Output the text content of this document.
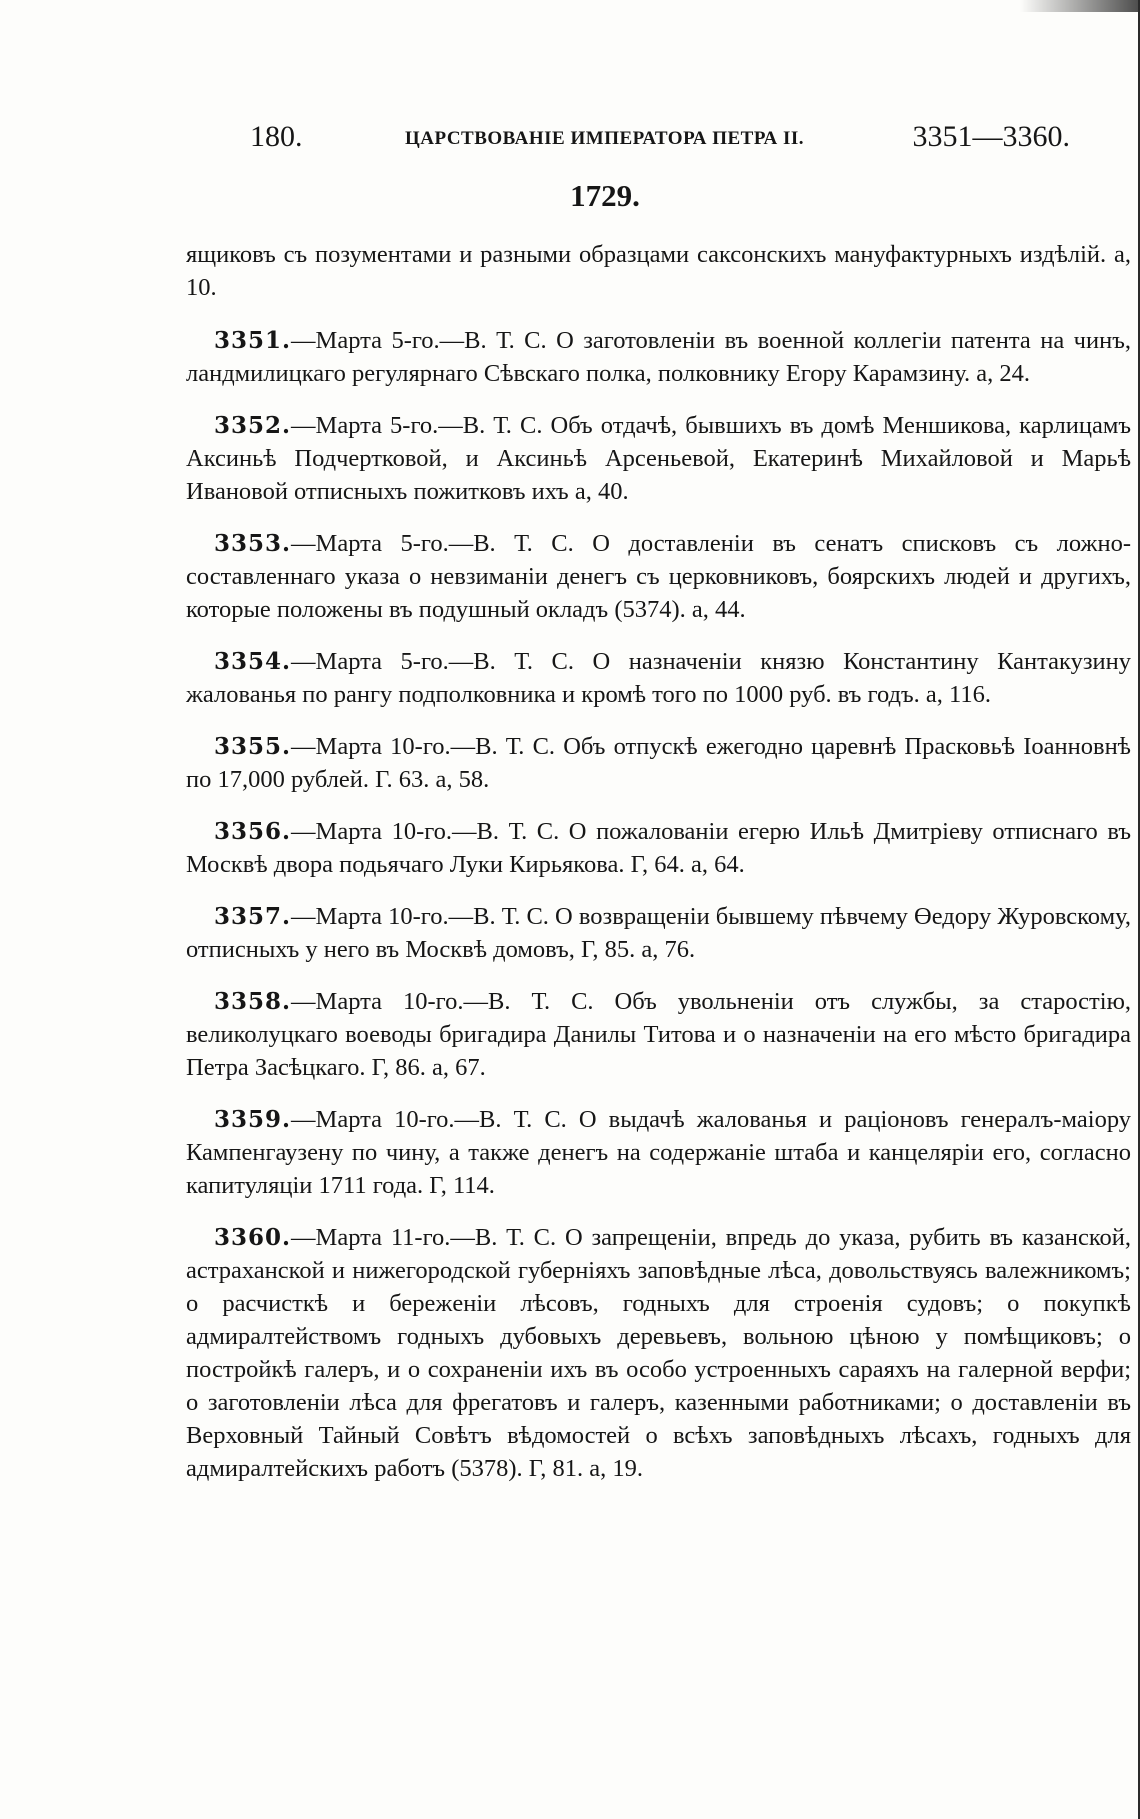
180.	ЦАРСТВОВАНІЕ ИМПЕРАТОРА ПЕТРА II.	3351—3360.
1729.

ящиковъ съ позументами и разными образцами саксонскихъ мануфактурныхъ издѣлій. а, 10.

3351.—Марта 5-го.—В. Т. С. О заготовленіи въ военной коллегіи патента на чинъ, ландмилицкаго регулярнаго Сѣвскаго полка, полковнику Егору Карамзину. а, 24.

3352.—Марта 5-го.—В. Т. С. Объ отдачѣ, бывшихъ въ домѣ Меншикова, карлицамъ Аксиньѣ Подчертковой, и Аксиньѣ Арсеньевой, Екатеринѣ Михайловой и Марьѣ Ивановой отписныхъ пожитковъ ихъ а, 40.

3353.—Марта 5-го.—В. Т. С. О доставленіи въ сенатъ списковъ съ ложно-составленнаго указа о невзиманіи денегъ съ церковниковъ, боярскихъ людей и другихъ, которые положены въ подушный окладъ (5374). а, 44.

3354.—Марта 5-го.—В. Т. С. О назначеніи князю Константину Кантакузину жалованья по рангу подполковника и кромѣ того по 1000 руб. въ годъ. а, 116.

3355.—Марта 10-го.—В. Т. С. Объ отпускѣ ежегодно царевнѣ Прасковьѣ Іоанновнѣ по 17,000 рублей. Г. 63. а, 58.

3356.—Марта 10-го.—В. Т. С. О пожалованіи егерю Ильѣ Дмитріеву отписнаго въ Москвѣ двора подьячаго Луки Кирьякова. Г, 64. а, 64.

3357.—Марта 10-го.—В. Т. С. О возвращеніи бывшему пѣвчему Өедору Журовскому, отписныхъ у него въ Москвѣ домовъ, Г, 85. а, 76.

3358.—Марта 10-го.—В. Т. С. Объ увольненіи отъ службы, за старостію, великолуцкаго воеводы бригадира Данилы Титова и о назначеніи на его мѣсто бригадира Петра Засѣцкаго. Г, 86. а, 67.

3359.—Марта 10-го.—В. Т. С. О выдачѣ жалованья и раціоновъ генералъ-маіору Кампенгаузену по чину, а также денегъ на содержаніе штаба и канцеляріи его, согласно капитуляціи 1711 года. Г, 114.

3360.—Марта 11-го.—В. Т. С. О запрещеніи, впредь до указа, рубить въ казанской, астраханской и нижегородской губерніяхъ заповѣдные лѣса, довольствуясь валежникомъ; о расчисткѣ и бережeніи лѣсовъ, годныхъ для строенія судовъ; о покупкѣ адмиралтействомъ годныхъ дубовыхъ деревьевъ, вольною цѣною у помѣщиковъ; о постройкѣ галеръ, и о сохраненіи ихъ въ особо устроенныхъ сараяхъ на галерной верфи; о заготовленіи лѣса для фрегатовъ и галеръ, казенными работниками; о доставленіи въ Верховный Тайный Совѣтъ вѣдомостей о всѣхъ заповѣдныхъ лѣсахъ, годныхъ для адмиралтейскихъ работъ (5378). Г, 81. а, 19.
